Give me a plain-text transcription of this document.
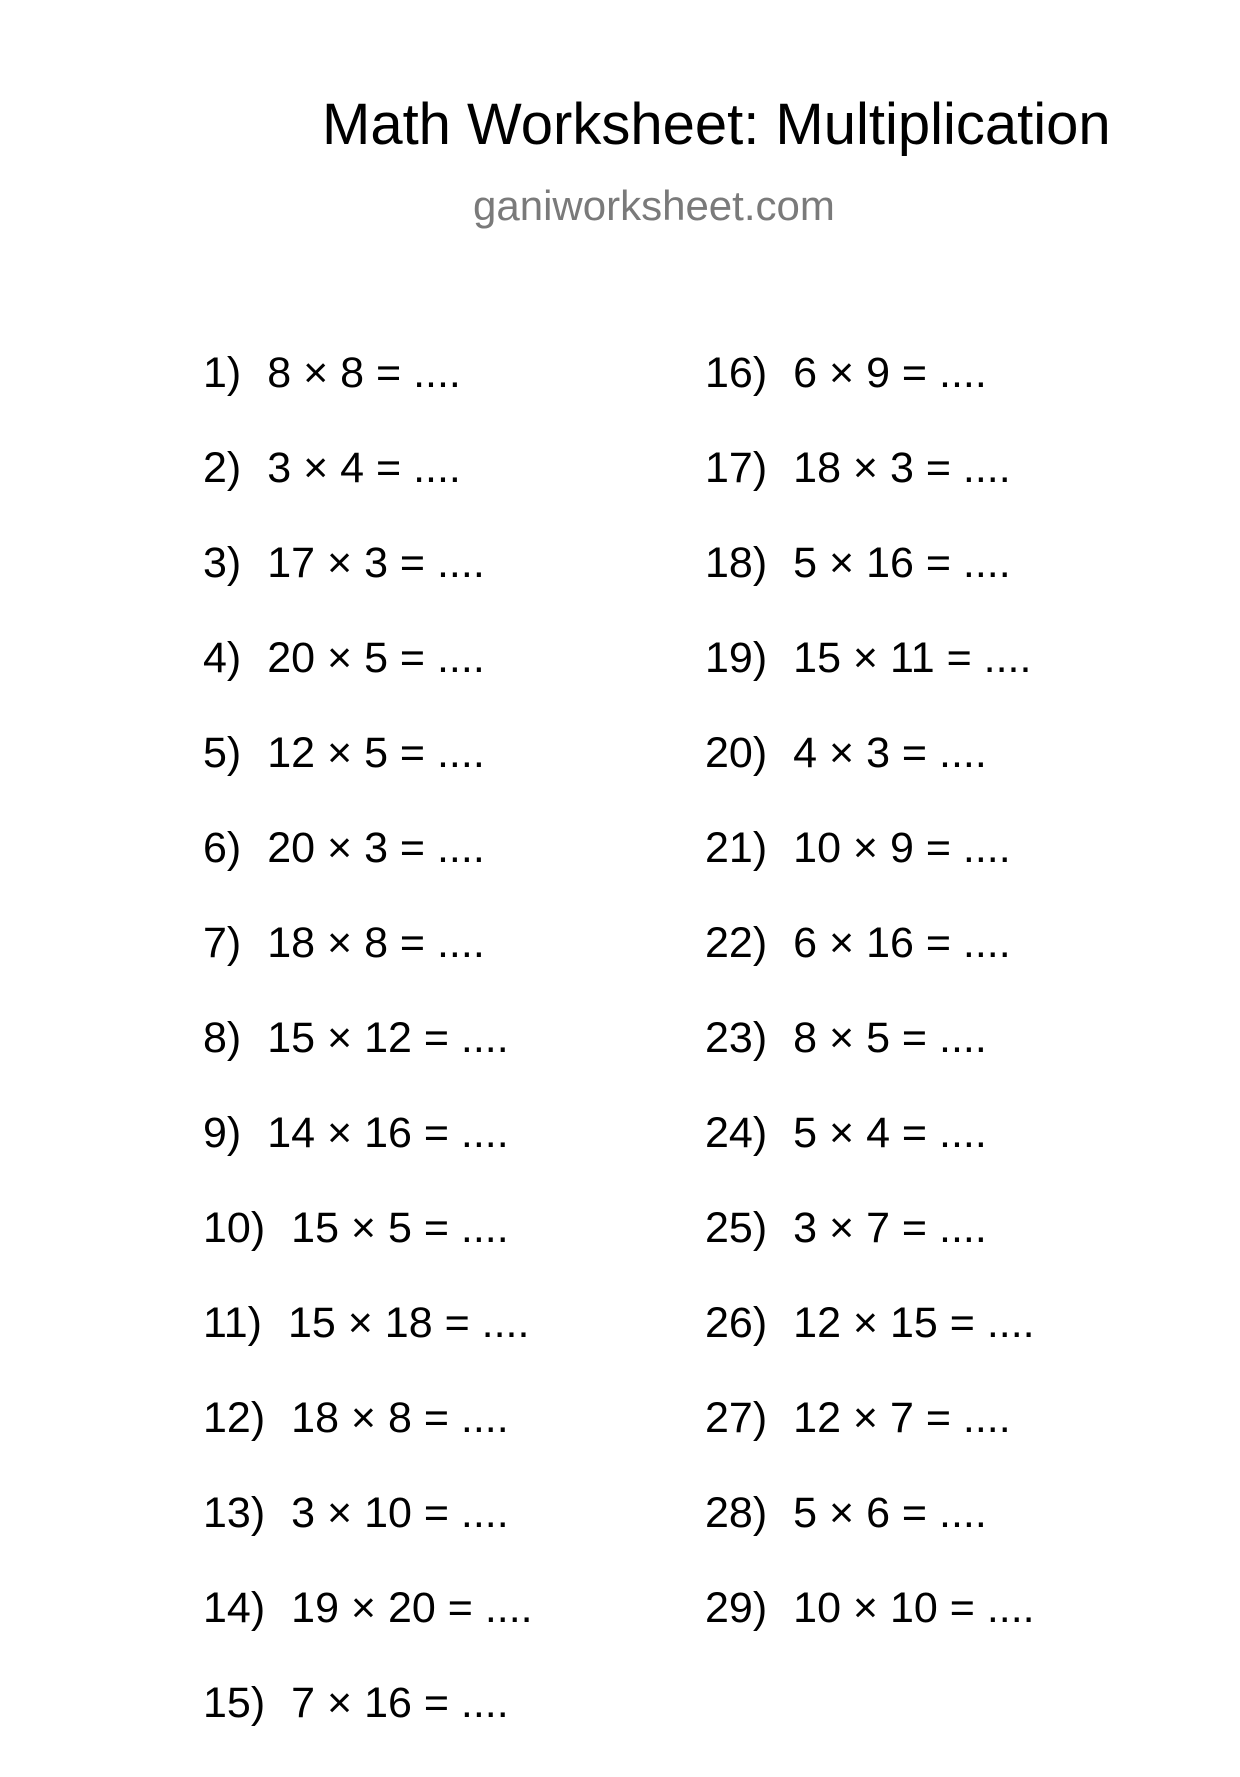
Math Worksheet: Multiplication
ganiworksheet.com
1) 8 × 8 = ....
2) 3 × 4 = ....
3) 17 × 3 = ....
4) 20 × 5 = ....
5) 12 × 5 = ....
6) 20 × 3 = ....
7) 18 × 8 = ....
8) 15 × 12 = ....
9) 14 × 16 = ....
10) 15 × 5 = ....
11) 15 × 18 = ....
12) 18 × 8 = ....
13) 3 × 10 = ....
14) 19 × 20 = ....
15) 7 × 16 = ....
16) 6 × 9 = ....
17) 18 × 3 = ....
18) 5 × 16 = ....
19) 15 × 11 = ....
20) 4 × 3 = ....
21) 10 × 9 = ....
22) 6 × 16 = ....
23) 8 × 5 = ....
24) 5 × 4 = ....
25) 3 × 7 = ....
26) 12 × 15 = ....
27) 12 × 7 = ....
28) 5 × 6 = ....
29) 10 × 10 = ....
